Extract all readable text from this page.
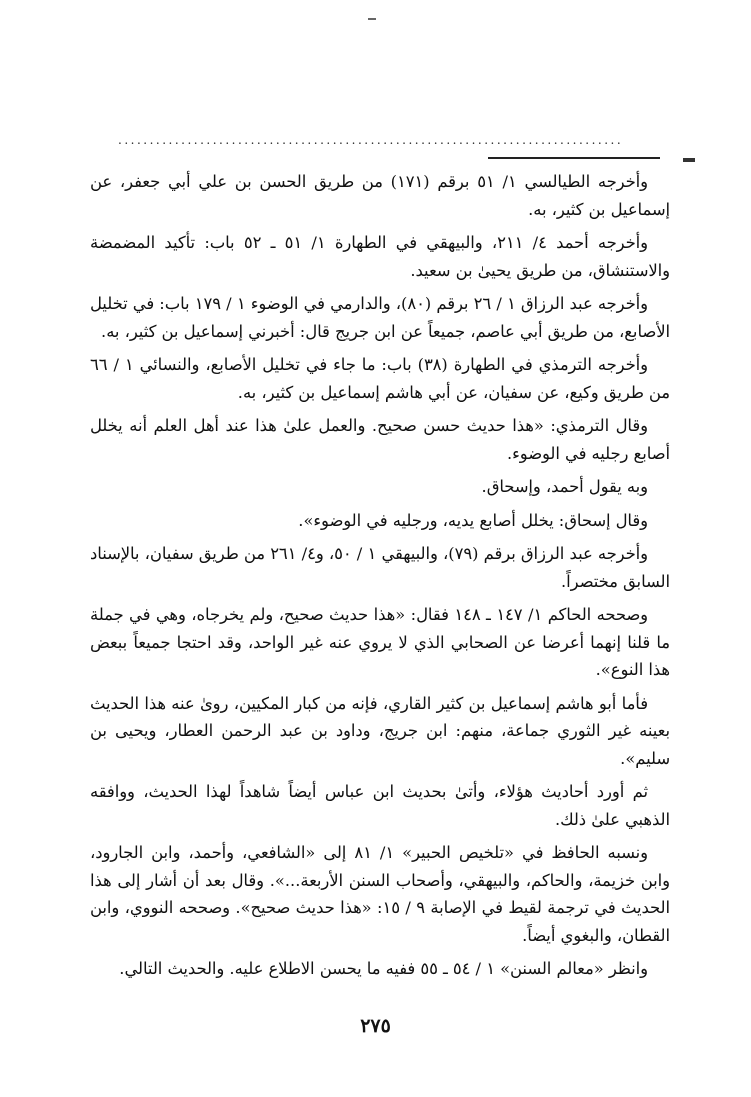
................................................................................

وأخرجه الطيالسي ١/ ٥١ برقم (١٧١) من طريق الحسن بن علي أبي جعفر، عن إسماعيل بن كثير، به.

وأخرجه أحمد ٤/ ٢١١، والبيهقي في الطهارة ١/ ٥١ ـ ٥٢ باب: تأكيد المضمضة والاستنشاق، من طريق يحيىٰ بن سعيد.

وأخرجه عبد الرزاق ١ / ٢٦ برقم (٨٠)، والدارمي في الوضوء ١ / ١٧٩ باب: في تخليل الأصابع، من طريق أبي عاصم، جميعاً عن ابن جريج قال: أخبرني إسماعيل بن كثير، به.

وأخرجه الترمذي في الطهارة (٣٨) باب: ما جاء في تخليل الأصابع، والنسائي ١ / ٦٦ من طريق وكيع، عن سفيان، عن أبي هاشم إسماعيل بن كثير، به.

وقال الترمذي: «هذا حديث حسن صحيح. والعمل علىٰ هذا عند أهل العلم أنه يخلل أصابع رجليه في الوضوء.

وبه يقول أحمد، وإسحاق.

وقال إسحاق: يخلل أصابع يديه، ورجليه في الوضوء».

وأخرجه عبد الرزاق برقم (٧٩)، والبيهقي ١ / ٥٠، و٤/ ٢٦١ من طريق سفيان، بالإسناد السابق مختصراً.

وصححه الحاكم ١/ ١٤٧ ـ ١٤٨ فقال: «هذا حديث صحيح، ولم يخرجاه، وهي في جملة ما قلنا إنهما أعرضا عن الصحابي الذي لا يروي عنه غير الواحد، وقد احتجا جميعاً ببعض هذا النوع».

فأما أبو هاشم إسماعيل بن كثير القاري، فإنه من كبار المكيين، روىٰ عنه هذا الحديث بعينه غير الثوري جماعة، منهم: ابن جريج، وداود بن عبد الرحمن العطار، ويحيى بن سليم».

ثم أورد أحاديث هؤلاء، وأتىٰ بحديث ابن عباس أيضاً شاهداً لهذا الحديث، ووافقه الذهبي علىٰ ذلك.

ونسبه الحافظ في «تلخيص الحبير» ١/ ٨١ إلى «الشافعي، وأحمد، وابن الجارود، وابن خزيمة، والحاكم، والبيهقي، وأصحاب السنن الأربعة...». وقال بعد أن أشار إلى هذا الحديث في ترجمة لقيط في الإصابة ٩ / ١٥: «هذا حديث صحيح». وصححه النووي، وابن القطان، والبغوي أيضاً.

وانظر «معالم السنن» ١ / ٥٤ ـ ٥٥ ففيه ما يحسن الاطلاع عليه. والحديث التالي.

٢٧٥
